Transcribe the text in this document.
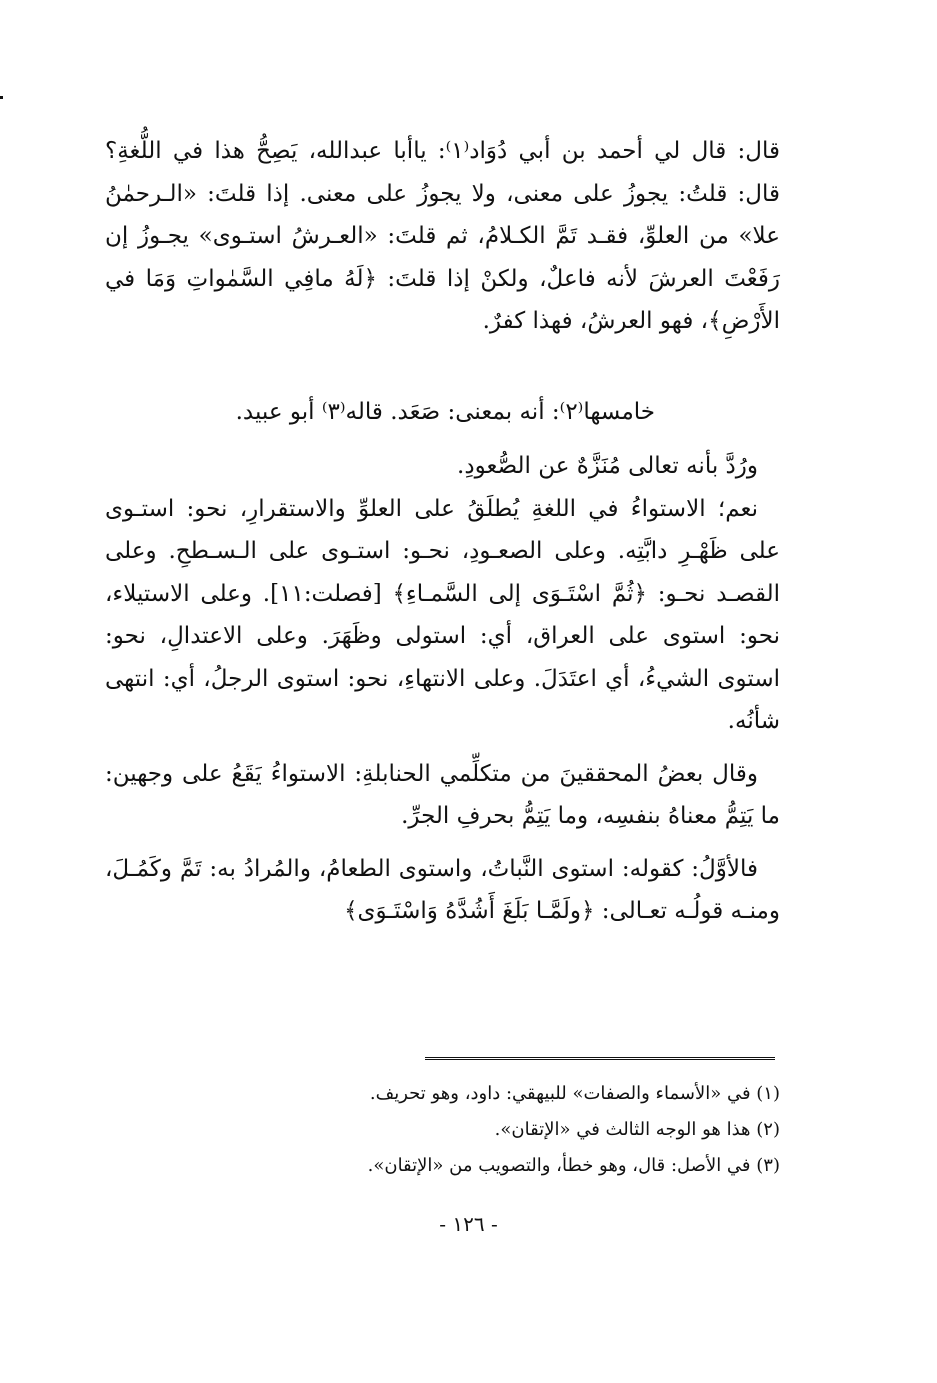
قال: قال لي أحمد بن أبي دُوَاد⁽١⁾: ياأبا عبدالله، يَصِحُّ هذا في اللُّغةِ؟ قال: قلتُ: يجوزُ على معنى، ولا يجوزُ على معنى. إذا قلتَ: «الـرحمٰنُ علا» من العلوِّ، فقـد تَمَّ الكـلامُ، ثم قلتَ: «العـرشُ استـوى» يجـوزُ إن رَفَعْتَ العرشَ لأنه فاعلٌ، ولكنْ إذا قلتَ: ﴿لَهُ مافِي السَّمٰواتِ وَمَا في الأَرْضِ﴾، فهو العرشُ، فهذا كفرٌ.

خامسها⁽٢⁾: أنه بمعنى: صَعَد. قاله⁽٣⁾ أبو عبيد.

ورُدَّ بأنه تعالى مُنَزَّهٌ عن الصُّعودِ.

نعم؛ الاستواءُ في اللغةِ يُطلَقُ على العلوِّ والاستقرارِ، نحو: استـوى على ظَهْـرِ دابَّتِه. وعلى الصعـودِ، نحـو: استـوى على الـسـطحِ. وعلى القصـد نحـو: ﴿ثُمَّ اسْتَـوَى إلى السَّمـاءِ﴾ [فصلت:١١]. وعلى الاستيلاء، نحو: استوى على العراق، أي: استولى وظَهَرَ. وعلى الاعتدالِ، نحو: استوى الشيءُ، أي اعتَدَلَ. وعلى الانتهاءِ، نحو: استوى الرجلُ، أي: انتهى شأنُه.

وقال بعضُ المحققينَ من متكلِّمي الحنابلةِ: الاستواءُ يَقَعُ على وجهين: ما يَتِمُّ معناهُ بنفسِه، وما يَتِمُّ بحرفِ الجرِّ.

فالأوَّلُ: كقوله: استوى النَّباتُ، واستوى الطعامُ، والمُرادُ به: تَمَّ وكَمُـلَ، ومنـه قولُـه تعـالى: ﴿ولَمَّـا بَلَغَ أَشُدَّهُ وَاسْتَـوَى﴾

(١) في «الأسماء والصفات» للبيهقي: داود، وهو تحريف.

(٢) هذا هو الوجه الثالث في «الإتقان».

(٣) في الأصل: قال، وهو خطأ، والتصويب من «الإتقان».

- ١٢٦ -
